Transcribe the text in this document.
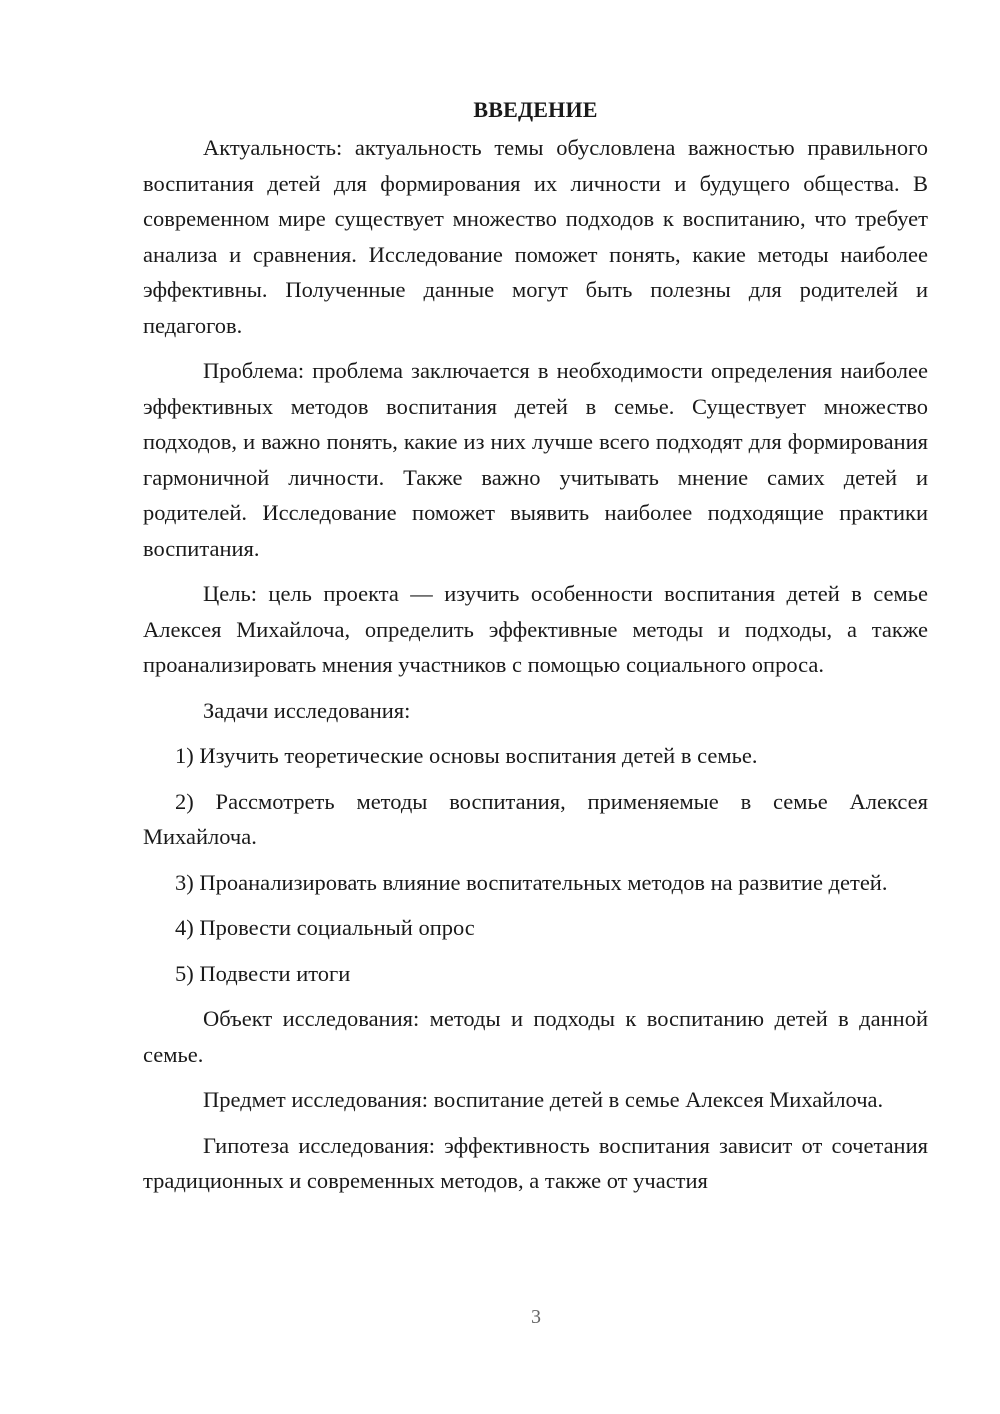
ВВЕДЕНИЕ

Актуальность: актуальность темы обусловлена важностью правильного воспитания детей для формирования их личности и будущего общества. В современном мире существует множество подходов к воспитанию, что требует анализа и сравнения. Исследование поможет понять, какие методы наиболее эффективны. Полученные данные могут быть полезны для родителей и педагогов.

Проблема: проблема заключается в необходимости определения наиболее эффективных методов воспитания детей в семье. Существует множество подходов, и важно понять, какие из них лучше всего подходят для формирования гармоничной личности. Также важно учитывать мнение самих детей и родителей. Исследование поможет выявить наиболее подходящие практики воспитания.

Цель: цель проекта — изучить особенности воспитания детей в семье Алексея Михайлоча, определить эффективные методы и подходы, а также проанализировать мнения участников с помощью социального опроса.

Задачи исследования:

1) Изучить теоретические основы воспитания детей в семье.

2) Рассмотреть методы воспитания, применяемые в семье Алексея Михайлоча.

3) Проанализировать влияние воспитательных методов на развитие детей.

4) Провести социальный опрос

5) Подвести итоги

Объект исследования: методы и подходы к воспитанию детей в данной семье.

Предмет исследования: воспитание детей в семье Алексея Михайлоча.

Гипотеза исследования: эффективность воспитания зависит от сочетания традиционных и современных методов, а также от участия

3
